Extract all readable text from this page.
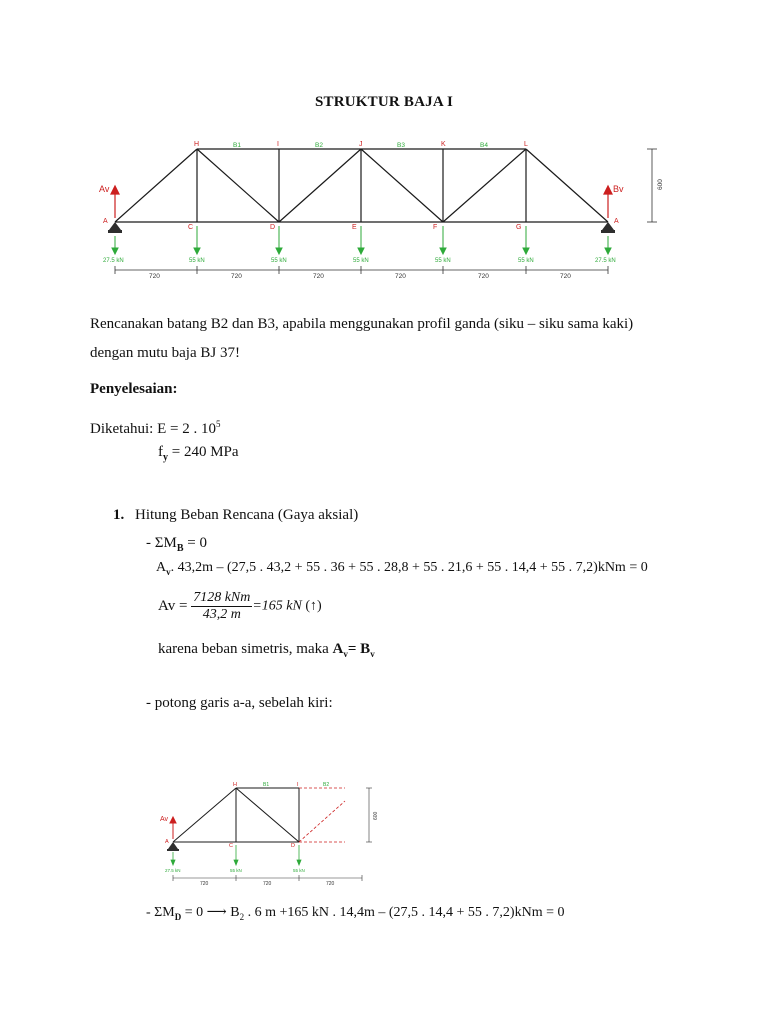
STRUKTUR BAJA I
Av	Bv
H	I	J	K	L
B1	B2	B3	B4
A
C	D	E	F	G
A
27.5 kN	55 kN	55 kN	55 kN	55 kN	55 kN	27.5 kN
720	720	720	720	720	720
600
Rencanakan batang B2 dan B3, apabila menggunakan profil ganda (siku – siku sama kaki)
dengan mutu baja BJ 37!
Penyelesaian:
Diketahui: E = 2 . $10^5$
$f_y = 240$ MPa
1. Hitung Beban Rencana (Gaya aksial)
- $\Sigma M_B = 0$
$A_v$. 43,2m – (27,5 . 43,2 + 55 . 36 + 55 . 28,8 + 55 . 21,6 + 55 . 14,4 + 55 . 7,2)kNm = 0
$Av = \frac{\text{7128 kNm}}{43,2 m} =165$ kN (↑)
karena beban simetris, maka $A_v= B_v$
- potong garis a-a, sebelah kiri:
Av
H	I
A
C	D
B1	B2
27.5 kN	55 kN	55 kN
720	720	720
600
- $\Sigma M_D = 0$ ⟶ $B_2$ . 6 m +165 kN . 14,4m – (27,5 . 14,4 + 55 . 7,2)kNm = 0
